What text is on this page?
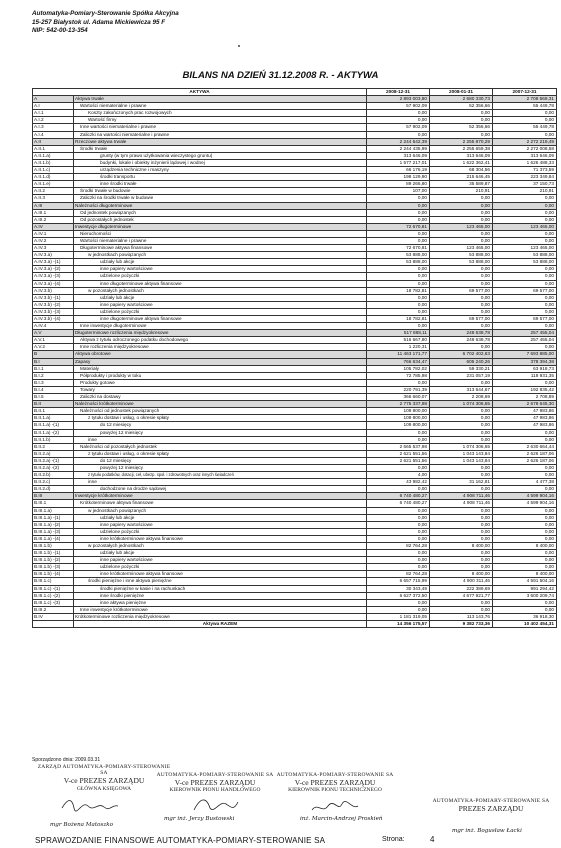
Automatyka-Pomiary-Sterowanie Spółka Akcyjna
15-257 Białystok ul. Adama Mickiewicza 95 F
NIP: 542-00-13-354
BILANS NA DZIEŃ 31.12.2008 R. - AKTYWA
AKTYWA		2008-12-31	2008-01-31	2007-12-31
A	Aktywa trwałe	2 893 003,80	2 680 330,73	2 708 569,31
A.I	Wartości niematerialne i prawne	57 902,09	52 356,66	55 449,78
A.I.1	Koszty zakończonych prac rozwojowych	0,00	0,00	0,00
A.I.2	Wartość firmy	0,00	0,00	0,00
A.I.3	Inne wartości niematerialne i prawne	57 902,09	52 356,66	55 449,78
A.I.4	Zaliczki na wartości niematerialne i prawne	0,00	0,00	0,00
A.II	Rzeczowe aktywa trwałe	2 244 542,39	2 255 870,29	2 272 219,49
A.II.1	Środki trwałe	2 244 435,99	2 255 659,38	2 272 008,58
A.II.1.a)	grunty (w tym prawo użytkowania wieczystego gruntu)	313 646,09	313 646,09	313 646,09
A.II.1.b)	budynki, lokale i obiekty inżynierii lądowej i wodnej	1 577 217,01	1 622 362,41	1 626 488,33
A.II.1.c)	urządzenia techniczne i maszyny	66 176,19	68 304,56	71 373,59
A.II.1.d)	środki transportu	198 129,90	215 646,45	223 349,84
A.II.1.e)	inne środki trwałe	89 266,80	35 589,87	37 150,73
A.II.2	Środki trwałe w budowie	107,00	210,91	210,91
A.II.3	Zaliczki na środki trwałe w budowie	0,00	0,00	0,00
A.III	Należności długoterminowe	0,00	0,00	0,00
A.III.1	Od jednostek powiązanych	0,00	0,00	0,00
A.III.2	Od pozostałych jednostek	0,00	0,00	0,00
A.IV	Inwestycje długoterminowe	72 670,81	123 465,00	123 465,00
A.IV.1	Nieruchomości	0,00	0,00	0,00
A.IV.2	Wartości niematerialne i prawne	0,00	0,00	0,00
A.IV.3	Długoterminowe aktywa finansowe	72 670,81	123 465,00	123 465,00
A.IV.3.a)	w jednostkach powiązanych	53 888,00	53 888,00	53 888,00
A.IV.3.a) -(1)	udziały lub akcje	53 888,00	53 888,00	53 888,00
A.IV.3.a) -(2)	inne papiery wartościowe	0,00	0,00	0,00
A.IV.3.a) -(3)	udzielone pożyczki	0,00	0,00	0,00
A.IV.3.a) -(4)	inne długoterminowe aktywa finansowe	0,00	0,00	0,00
A.IV.3.b)	w pozostałych jednostkach	18 782,81	69 577,00	69 577,00
A.IV.3.b) -(1)	udziały lub akcje	0,00	0,00	0,00
A.IV.3.b) -(2)	inne papiery wartościowe	0,00	0,00	0,00
A.IV.3.b) -(3)	udzielone pożyczki	0,00	0,00	0,00
A.IV.3.b) -(4)	inne długoterminowe aktywa finansowe	18 782,81	69 577,00	69 577,00
A.IV.4	Inne inwestycje długoterminowe	0,00	0,00	0,00
A.V	Długoterminowe rozliczenia międzyokresowe	517 888,11	248 638,78	257 455,04
A.V.1	Aktywa z tytułu odroczonego podatku dochodowego	516 667,80	248 638,78	257 455,04
A.V.2	Inne rozliczenia międzyokresowe	1 220,31	0,00	0,00
B	Aktywa obrotowe	11 463 171,77	6 702 402,63	7 693 885,00
B.I	Zapasy	766 634,47	605 240,26	378 394,38
B.I.1	Materiały	105 782,02	59 330,21	63 918,73
B.I.2	Półprodukty i produkty w toku	72 785,98	231 057,19	118 931,35
B.I.3	Produkty gotowe	0,00	0,00	0,00
B.I.4	Towary	220 791,39	313 644,67	192 835,42
B.I.5	Zaliczki na dostawy	366 660,07	2 208,69	2 708,89
B.II	Należności krótkoterminowe	2 775 337,98	1 074 306,65	2 678 645,30
B.II.1	Należności od jednostek powiązanych	109 800,00	0,00	47 983,86
B.II.1.a)	z tytułu dostaw i usług, o okresie spłaty	109 800,00	0,00	47 983,86
B.II.1.a) -(1)	do 12 miesięcy	109 800,00	0,00	47 983,86
B.II.1.a) -(2)	powyżej 12 miesięcy	0,00	0,00	0,00
B.II.1.b)	inne	0,00	0,00	0,00
B.II.2	Należności od pozostałych jednostek	2 665 537,98	1 074 306,65	2 630 664,44
B.II.2.a)	z tytułu dostaw i usług, o okresie spłaty	2 621 551,56	1 043 143,84	2 626 187,06
B.II.2.a) -(1)	do 12 miesięcy	2 621 551,56	1 043 143,84	2 626 187,06
B.II.2.a) -(2)	powyżej 12 miesięcy	0,00	0,00	0,00
B.II.2.b)	z tytułu podatków, dotacji, ceł, ubezp. społ. i zdrowotnych oraz innych świadczeń	4,00	0,00	0,00
B.II.2.c)	inne	43 982,42	31 162,81	4 477,38
B.II.2.d)	dochodzone na drodze sądowej	0,00	0,00	0,00
B.III	Inwestycje krótkoterminowe	6 740 480,27	4 908 711,46	4 599 904,16
B.III.1	Krótkoterminowe aktywa finansowe	6 740 480,27	4 908 711,46	4 599 904,16
B.III.1.a)	w jednostkach powiązanych	0,00	0,00	0,00
B.III.1.a) -(1)	udziały lub akcje	0,00	0,00	0,00
B.III.1.a) -(2)	inne papiery wartościowe	0,00	0,00	0,00
B.III.1.a) -(3)	udzielone pożyczki	0,00	0,00	0,00
B.III.1.a) -(4)	inne krótkoterminowe aktywa finansowe	0,00	0,00	0,00
B.III.1.b)	w pozostałych jednostkach	82 764,28	8 400,00	8 400,00
B.III.1.b) -(1)	udziały lub akcje	0,00	0,00	0,00
B.III.1.b) -(2)	inne papiery wartościowe	0,00	0,00	0,00
B.III.1.b) -(3)	udzielone pożyczki	0,00	0,00	0,00
B.III.1.b) -(4)	inne krótkoterminowe aktywa finansowe	82 764,28	8 400,00	8 400,00
B.III.1.c)	środki pieniężne i inne aktywa pieniężne	6 657 715,99	4 900 311,46	4 591 504,16
B.III.1.c) -(1)	środki pieniężne w kasie i na rachunkach	30 343,49	222 389,69	991 294,42
B.III.1.c) -(2)	inne środki pieniężne	6 627 372,50	4 677 921,77	3 600 209,74
B.III.1.c) -(3)	inne aktywa pieniężne	0,00	0,00	0,00
B.III.2	Inne inwestycje krótkoterminowe	0,00	0,00	0,00
B.IV	Krótkoterminowe rozliczenia międzyokresowe	1 181 319,05	113 143,76	36 918,30
	Aktywa RAZEM	14 356 175,57	9 382 733,36	10 402 454,31
Sporządzono dnia: 2009.03.31
ZARZĄD AUTOMATYKA-POMIARY-STEROWANIE SA
V-ce PREZES ZARZĄDU
GŁÓWNA KSIĘGOWA
mgr Bożena Matoszko
AUTOMATYKA-POMIARY-STEROWANIE SA
V-ce PREZES ZARZĄDU
KIEROWNIK PIONU HANDLOWEGO
mgr inż. Jerzy Bustowski
AUTOMATYKA-POMIARY-STEROWANIE SA
V-ce PREZES ZARZĄDU
KIEROWNIK PIONU TECHNICZNEGO
inż. Marcin-Andrzej Proskień
AUTOMATYKA-POMIARY-STEROWANIE SA
PREZES ZARZĄDU
mgr inż. Bogusław Łacki
SPRAWOZDANIE FINANSOWE AUTOMATYKA-POMIARY-STEROWANIE SA	Strona:	4
